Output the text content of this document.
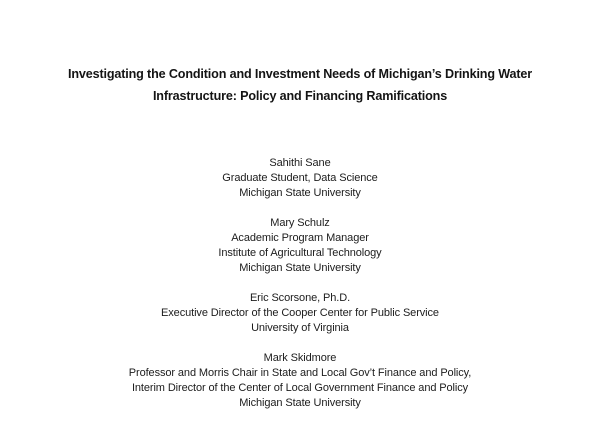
Investigating the Condition and Investment Needs of Michigan’s Drinking Water
Infrastructure: Policy and Financing Ramifications
Sahithi Sane
Graduate Student, Data Science
Michigan State University
Mary Schulz
Academic Program Manager
Institute of Agricultural Technology
Michigan State University
Eric Scorsone, Ph.D.
Executive Director of the Cooper Center for Public Service
University of Virginia
Mark Skidmore
Professor and Morris Chair in State and Local Gov’t Finance and Policy,
Interim Director of the Center of Local Government Finance and Policy
Michigan State University
